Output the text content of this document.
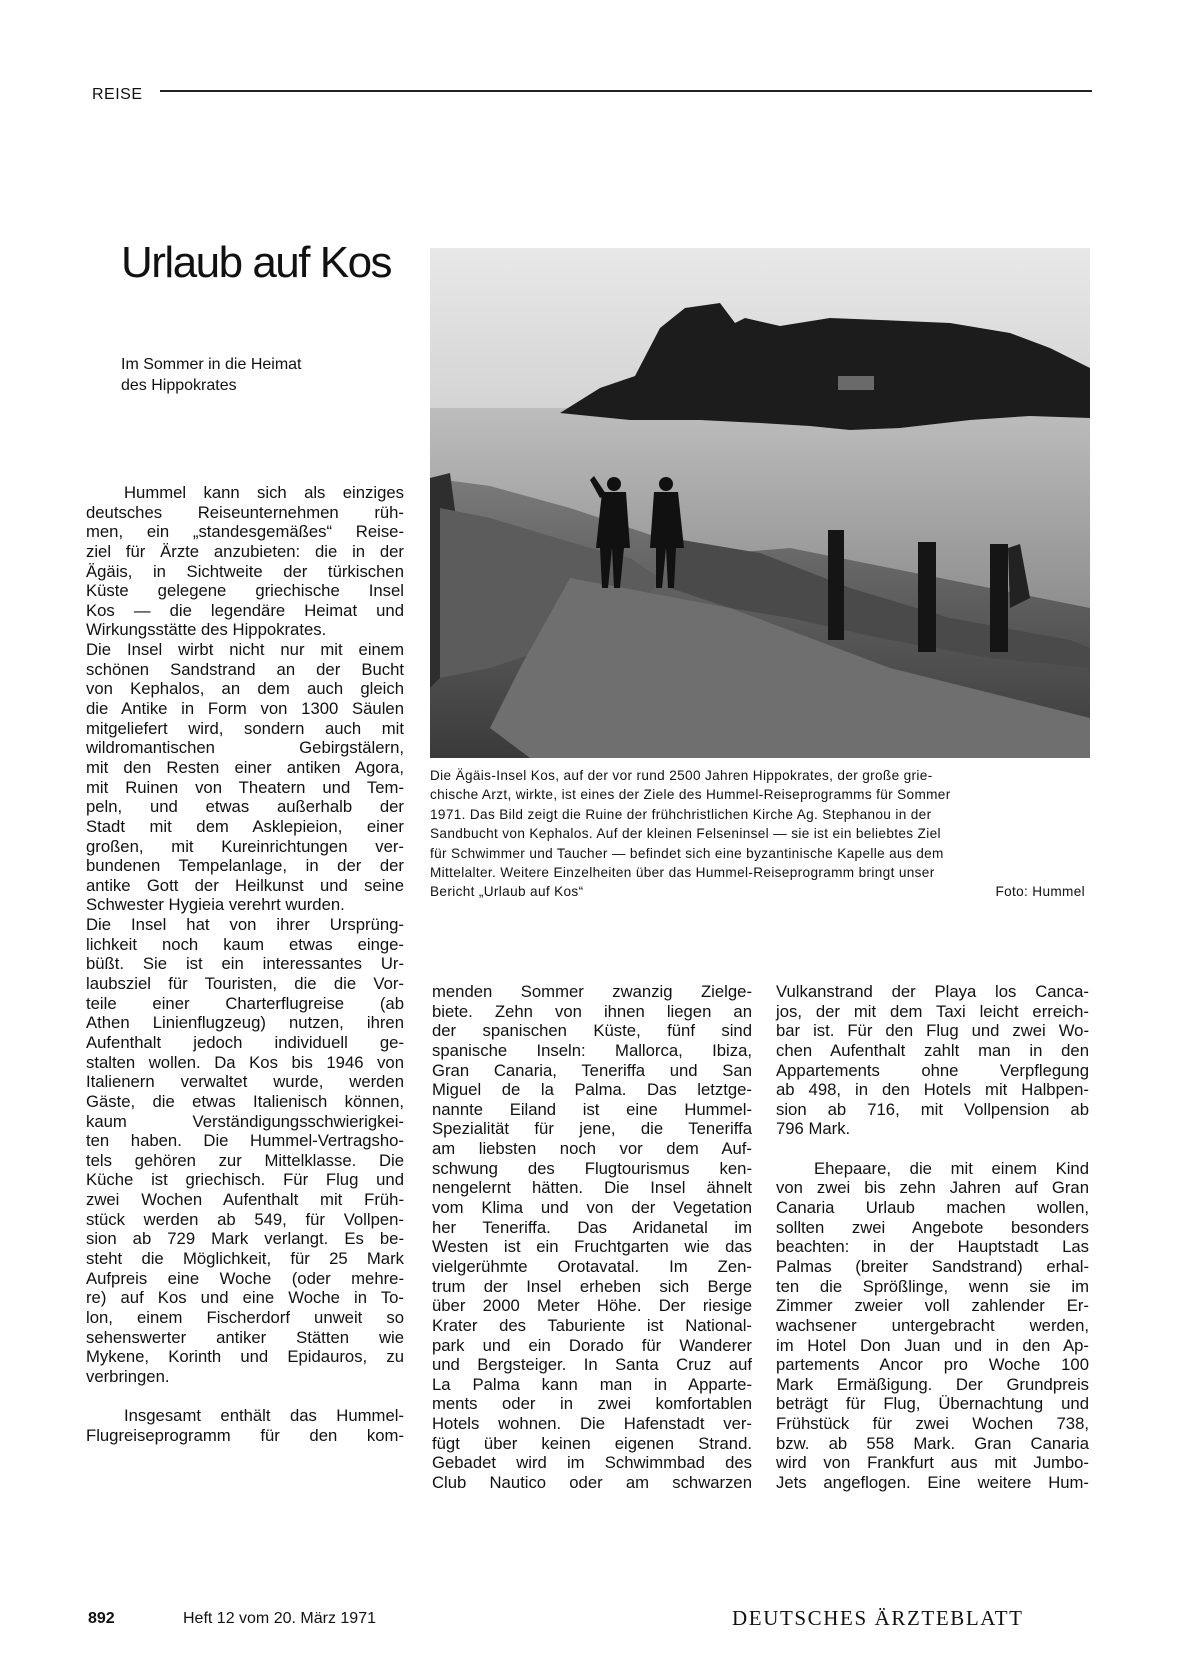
REISE
Urlaub auf Kos
Im Sommer in die Heimat
des Hippokrates
Die Ägäis-Insel Kos, auf der vor rund 2500 Jahren Hippokrates, der große grie-
chische Arzt, wirkte, ist eines der Ziele des Hummel-Reiseprogramms für Sommer
1971. Das Bild zeigt die Ruine der frühchristlichen Kirche Ag. Stephanou in der
Sandbucht von Kephalos. Auf der kleinen Felseninsel — sie ist ein beliebtes Ziel
für Schwimmer und Taucher — befindet sich eine byzantinische Kapelle aus dem
Mittelalter. Weitere Einzelheiten über das Hummel-Reiseprogramm bringt unser
Bericht „Urlaub auf Kos“	Foto: Hummel
Hummel kann sich als einziges
deutsches Reiseunternehmen rüh-
men, ein „standesgemäßes“ Reise-
ziel für Ärzte anzubieten: die in der
Ägäis, in Sichtweite der türkischen
Küste gelegene griechische Insel
Kos — die legendäre Heimat und
Wirkungsstätte des Hippokrates.
Die Insel wirbt nicht nur mit einem
schönen Sandstrand an der Bucht
von Kephalos, an dem auch gleich
die Antike in Form von 1300 Säulen
mitgeliefert wird, sondern auch mit
wildromantischen Gebirgstälern,
mit den Resten einer antiken Agora,
mit Ruinen von Theatern und Tem-
peln, und etwas außerhalb der
Stadt mit dem Asklepieion, einer
großen, mit Kureinrichtungen ver-
bundenen Tempelanlage, in der der
antike Gott der Heilkunst und seine
Schwester Hygieia verehrt wurden.
Die Insel hat von ihrer Ursprüng-
lichkeit noch kaum etwas einge-
büßt. Sie ist ein interessantes Ur-
laubsziel für Touristen, die die Vor-
teile einer Charterflugreise (ab
Athen Linienflugzeug) nutzen, ihren
Aufenthalt jedoch individuell ge-
stalten wollen. Da Kos bis 1946 von
Italienern verwaltet wurde, werden
Gäste, die etwas Italienisch können,
kaum Verständigungsschwierigkei-
ten haben. Die Hummel-Vertragsho-
tels gehören zur Mittelklasse. Die
Küche ist griechisch. Für Flug und
zwei Wochen Aufenthalt mit Früh-
stück werden ab 549, für Vollpen-
sion ab 729 Mark verlangt. Es be-
steht die Möglichkeit, für 25 Mark
Aufpreis eine Woche (oder mehre-
re) auf Kos und eine Woche in To-
lon, einem Fischerdorf unweit so
sehenswerter antiker Stätten wie
Mykene, Korinth und Epidauros, zu
verbringen.
Insgesamt enthält das Hummel-
Flugreiseprogramm für den kom-
menden Sommer zwanzig Zielge-
biete. Zehn von ihnen liegen an
der spanischen Küste, fünf sind
spanische Inseln: Mallorca, Ibiza,
Gran Canaria, Teneriffa und San
Miguel de la Palma. Das letztge-
nannte Eiland ist eine Hummel-
Spezialität für jene, die Teneriffa
am liebsten noch vor dem Auf-
schwung des Flugtourismus ken-
nengelernt hätten. Die Insel ähnelt
vom Klima und von der Vegetation
her Teneriffa. Das Aridanetal im
Westen ist ein Fruchtgarten wie das
vielgerühmte Orotavatal. Im Zen-
trum der Insel erheben sich Berge
über 2000 Meter Höhe. Der riesige
Krater des Taburiente ist National-
park und ein Dorado für Wanderer
und Bergsteiger. In Santa Cruz auf
La Palma kann man in Apparte-
ments oder in zwei komfortablen
Hotels wohnen. Die Hafenstadt ver-
fügt über keinen eigenen Strand.
Gebadet wird im Schwimmbad des
Club Nautico oder am schwarzen
Vulkanstrand der Playa los Canca-
jos, der mit dem Taxi leicht erreich-
bar ist. Für den Flug und zwei Wo-
chen Aufenthalt zahlt man in den
Appartements ohne Verpflegung
ab 498, in den Hotels mit Halbpen-
sion ab 716, mit Vollpension ab
796 Mark.
Ehepaare, die mit einem Kind
von zwei bis zehn Jahren auf Gran
Canaria Urlaub machen wollen,
sollten zwei Angebote besonders
beachten: in der Hauptstadt Las
Palmas (breiter Sandstrand) erhal-
ten die Sprößlinge, wenn sie im
Zimmer zweier voll zahlender Er-
wachsener untergebracht werden,
im Hotel Don Juan und in den Ap-
partements Ancor pro Woche 100
Mark Ermäßigung. Der Grundpreis
beträgt für Flug, Übernachtung und
Frühstück für zwei Wochen 738,
bzw. ab 558 Mark. Gran Canaria
wird von Frankfurt aus mit Jumbo-
Jets angeflogen. Eine weitere Hum-
892	Heft 12 vom 20. März 1971	DEUTSCHES ÄRZTEBLATT
